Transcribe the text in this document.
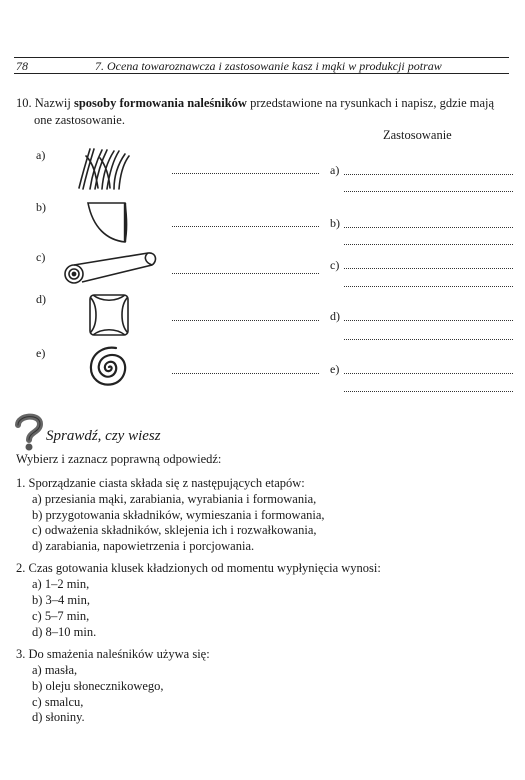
78	7. Ocena towaroznawcza i zastosowanie kasz i mąki w produkcji potraw
10. Nazwij sposoby formowania naleśników przedstawione na rysunkach i napisz, gdzie mają
one zastosowanie.
Zastosowanie
a)
a)
b)
b)
c)
c)
d)
d)
e)
e)
Sprawdź, czy wiesz
Wybierz i zaznacz poprawną odpowiedź:
1. Sporządzanie ciasta składa się z następujących etapów:
a) przesiania mąki, zarabiania, wyrabiania i formowania,
b) przygotowania składników, wymieszania i formowania,
c) odważenia składników, sklejenia ich i rozwałkowania,
d) zarabiania, napowietrzenia i porcjowania.
2. Czas gotowania klusek kładzionych od momentu wypłynięcia wynosi:
a) 1–2 min,
b) 3–4 min,
c) 5–7 min,
d) 8–10 min.
3. Do smażenia naleśników używa się:
a) masła,
b) oleju słonecznikowego,
c) smalcu,
d) słoniny.
